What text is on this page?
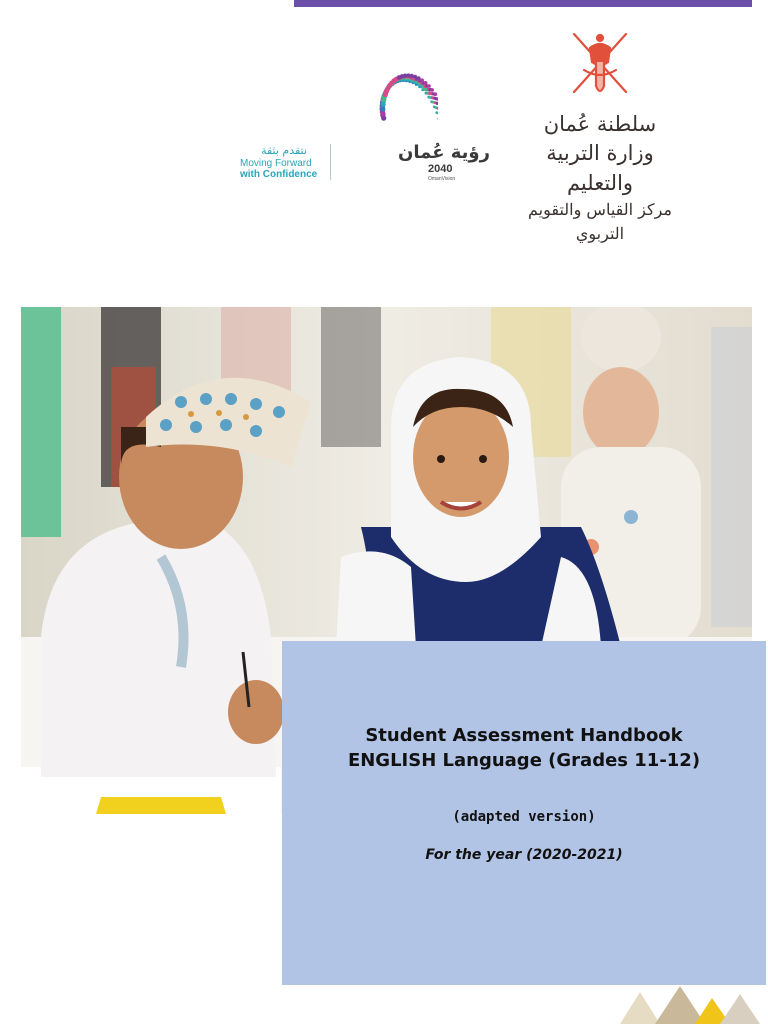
نتقدم بثقة
Moving Forward
with Confidence
رؤية عُمان
2040
OmanVision
سلطنة عُمان
وزارة التربية والتعليم
مركز القياس والتقويم التربوي
Student Assessment Handbook
ENGLISH Language (Grades 11-12)
(adapted version)
For the year (2020-2021)
